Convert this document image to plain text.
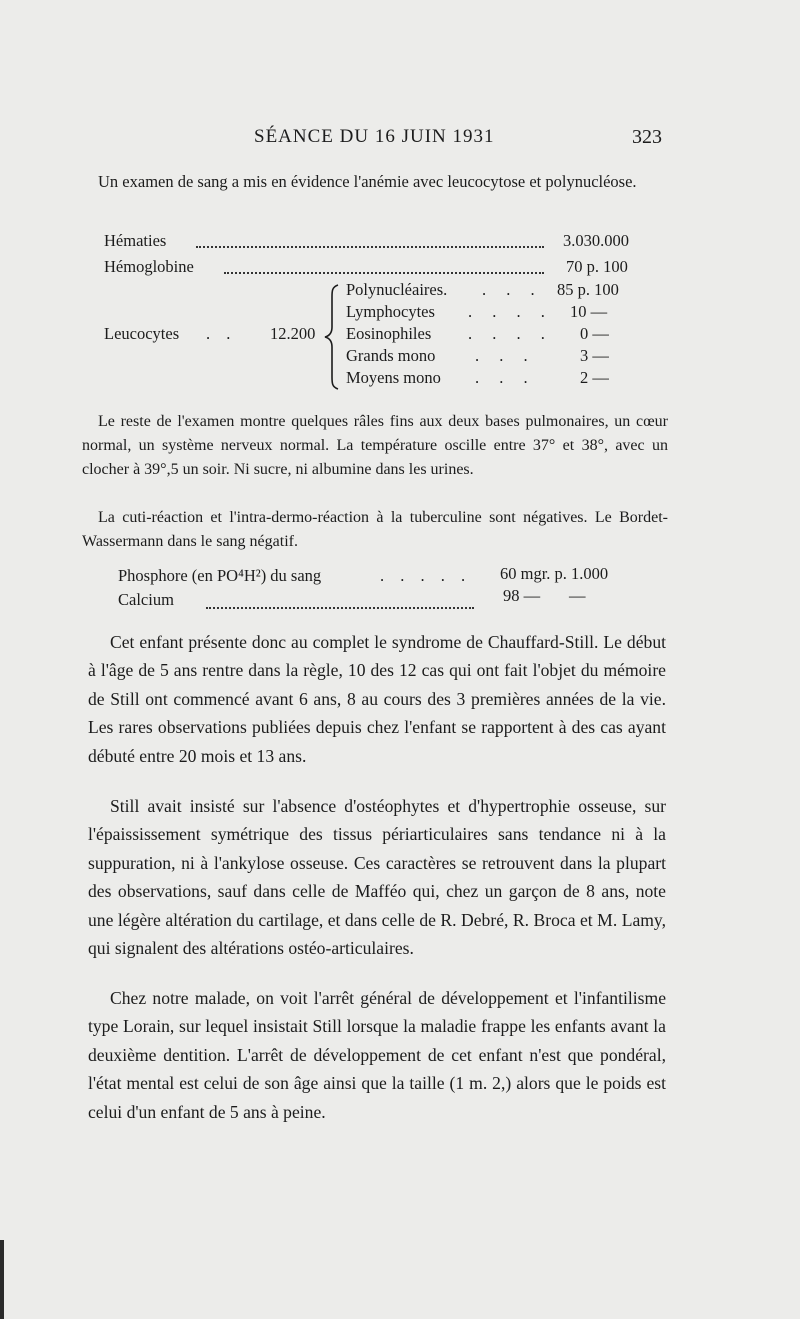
SÉANCE DU 16 JUIN 1931	323

Un examen de sang a mis en évidence l'anémie avec leucocytose et polynucléose.

Hématies	3.030.000
Hémoglobine	70 p. 100
Leucocytes . . 12.200
Polynucléaires. . . . 85 p. 100
Lymphocytes . . . . 10 —
Eosinophiles . . . . 0 —
Grands mono . . .	3 —
Moyens mono . . .	2 —

Le reste de l'examen montre quelques râles fins aux deux bases pulmonaires, un cœur normal, un système nerveux normal. La température oscille entre 37° et 38°, avec un clocher à 39°,5 un soir. Ni sucre, ni albumine dans les urines.

La cuti-réaction et l'intra-dermo-réaction à la tuberculine sont négatives. Le Bordet-Wassermann dans le sang négatif.

Phosphore (en PO⁴H²) du sang	. . . . . 60 mgr. p. 1.000
Calcium	98 —       —

Cet enfant présente donc au complet le syndrome de Chauffard-Still. Le début à l'âge de 5 ans rentre dans la règle, 10 des 12 cas qui ont fait l'objet du mémoire de Still ont commencé avant 6 ans, 8 au cours des 3 premières années de la vie. Les rares observations publiées depuis chez l'enfant se rapportent à des cas ayant débuté entre 20 mois et 13 ans.

Still avait insisté sur l'absence d'ostéophytes et d'hypertrophie osseuse, sur l'épaississement symétrique des tissus périarticulaires sans tendance ni à la suppuration, ni à l'ankylose osseuse. Ces caractères se retrouvent dans la plupart des observations, sauf dans celle de Mafféo qui, chez un garçon de 8 ans, note une légère altération du cartilage, et dans celle de R. Debré, R. Broca et M. Lamy, qui signalent des altérations ostéo-articulaires.

Chez notre malade, on voit l'arrêt général de développement et l'infantilisme type Lorain, sur lequel insistait Still lorsque la maladie frappe les enfants avant la deuxième dentition. L'arrêt de développement de cet enfant n'est que pondéral, l'état mental est celui de son âge ainsi que la taille (1 m. 2,) alors que le poids est celui d'un enfant de 5 ans à peine.
